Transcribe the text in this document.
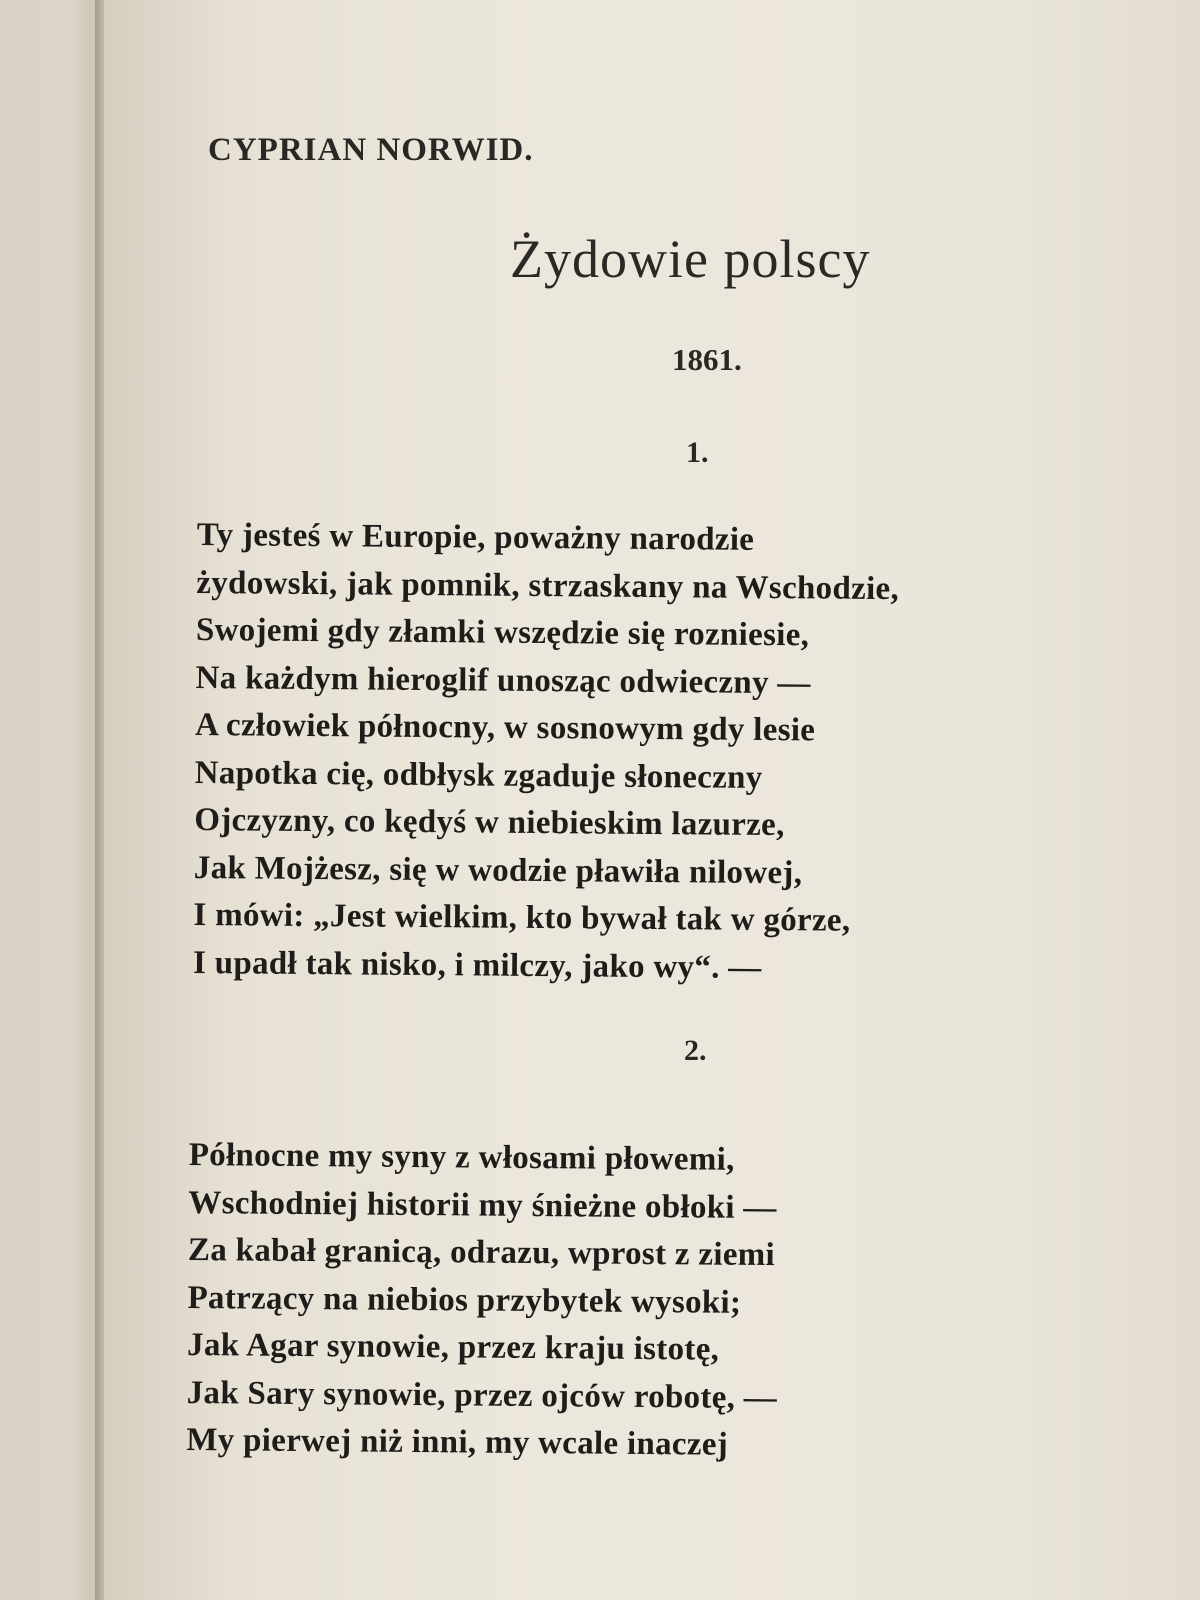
CYPRIAN NORWID.
Żydowie polscy
1861.
1.
Ty jesteś w Europie, poważny narodzie
żydowski, jak pomnik, strzaskany na Wschodzie,
Swojemi gdy złamki wszędzie się rozniesie,
Na każdym hieroglif unosząc odwieczny —
A człowiek północny, w sosnowym gdy lesie
Napotka cię, odbłysk zgaduje słoneczny
Ojczyzny, co kędyś w niebieskim lazurze,
Jak Mojżesz, się w wodzie pławiła nilowej,
I mówi: „Jest wielkim, kto bywał tak w górze,
I upadł tak nisko, i milczy, jako wy“. —
2.
Północne my syny z włosami płowemi,
Wschodniej historii my śnieżne obłoki —
Za kabał granicą, odrazu, wprost z ziemi
Patrzący na niebios przybytek wysoki;
Jak Agar synowie, przez kraju istotę,
Jak Sary synowie, przez ojców robotę, —
My pierwej niż inni, my wcale inaczej
